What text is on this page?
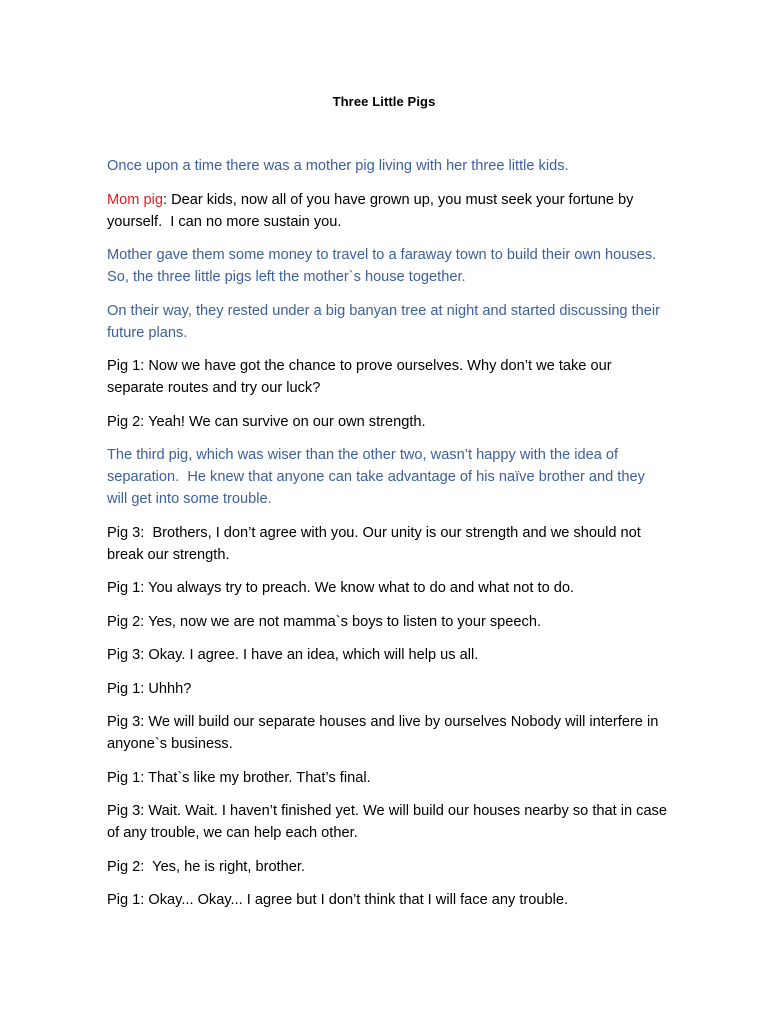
Three Little Pigs

Once upon a time there was a mother pig living with her three little kids.

Mom pig: Dear kids, now all of you have grown up, you must seek your fortune by yourself.  I can no more sustain you.

Mother gave them some money to travel to a faraway town to build their own houses.  So, the three little pigs left the mother`s house together.

On their way, they rested under a big banyan tree at night and started discussing their future plans.

Pig 1: Now we have got the chance to prove ourselves. Why don’t we take our separate routes and try our luck?

Pig 2: Yeah! We can survive on our own strength.

The third pig, which was wiser than the other two, wasn’t happy with the idea of separation.  He knew that anyone can take advantage of his naïve brother and they will get into some trouble.

Pig 3:  Brothers, I don’t agree with you. Our unity is our strength and we should not break our strength.

Pig 1: You always try to preach. We know what to do and what not to do.

Pig 2: Yes, now we are not mamma`s boys to listen to your speech.

Pig 3: Okay. I agree. I have an idea, which will help us all.

Pig 1: Uhhh?

Pig 3: We will build our separate houses and live by ourselves Nobody will interfere in anyone`s business.

Pig 1: That`s like my brother. That’s final.

Pig 3: Wait. Wait. I haven’t finished yet. We will build our houses nearby so that in case of any trouble, we can help each other.

Pig 2:  Yes, he is right, brother.

Pig 1: Okay... Okay... I agree but I don’t think that I will face any trouble.
